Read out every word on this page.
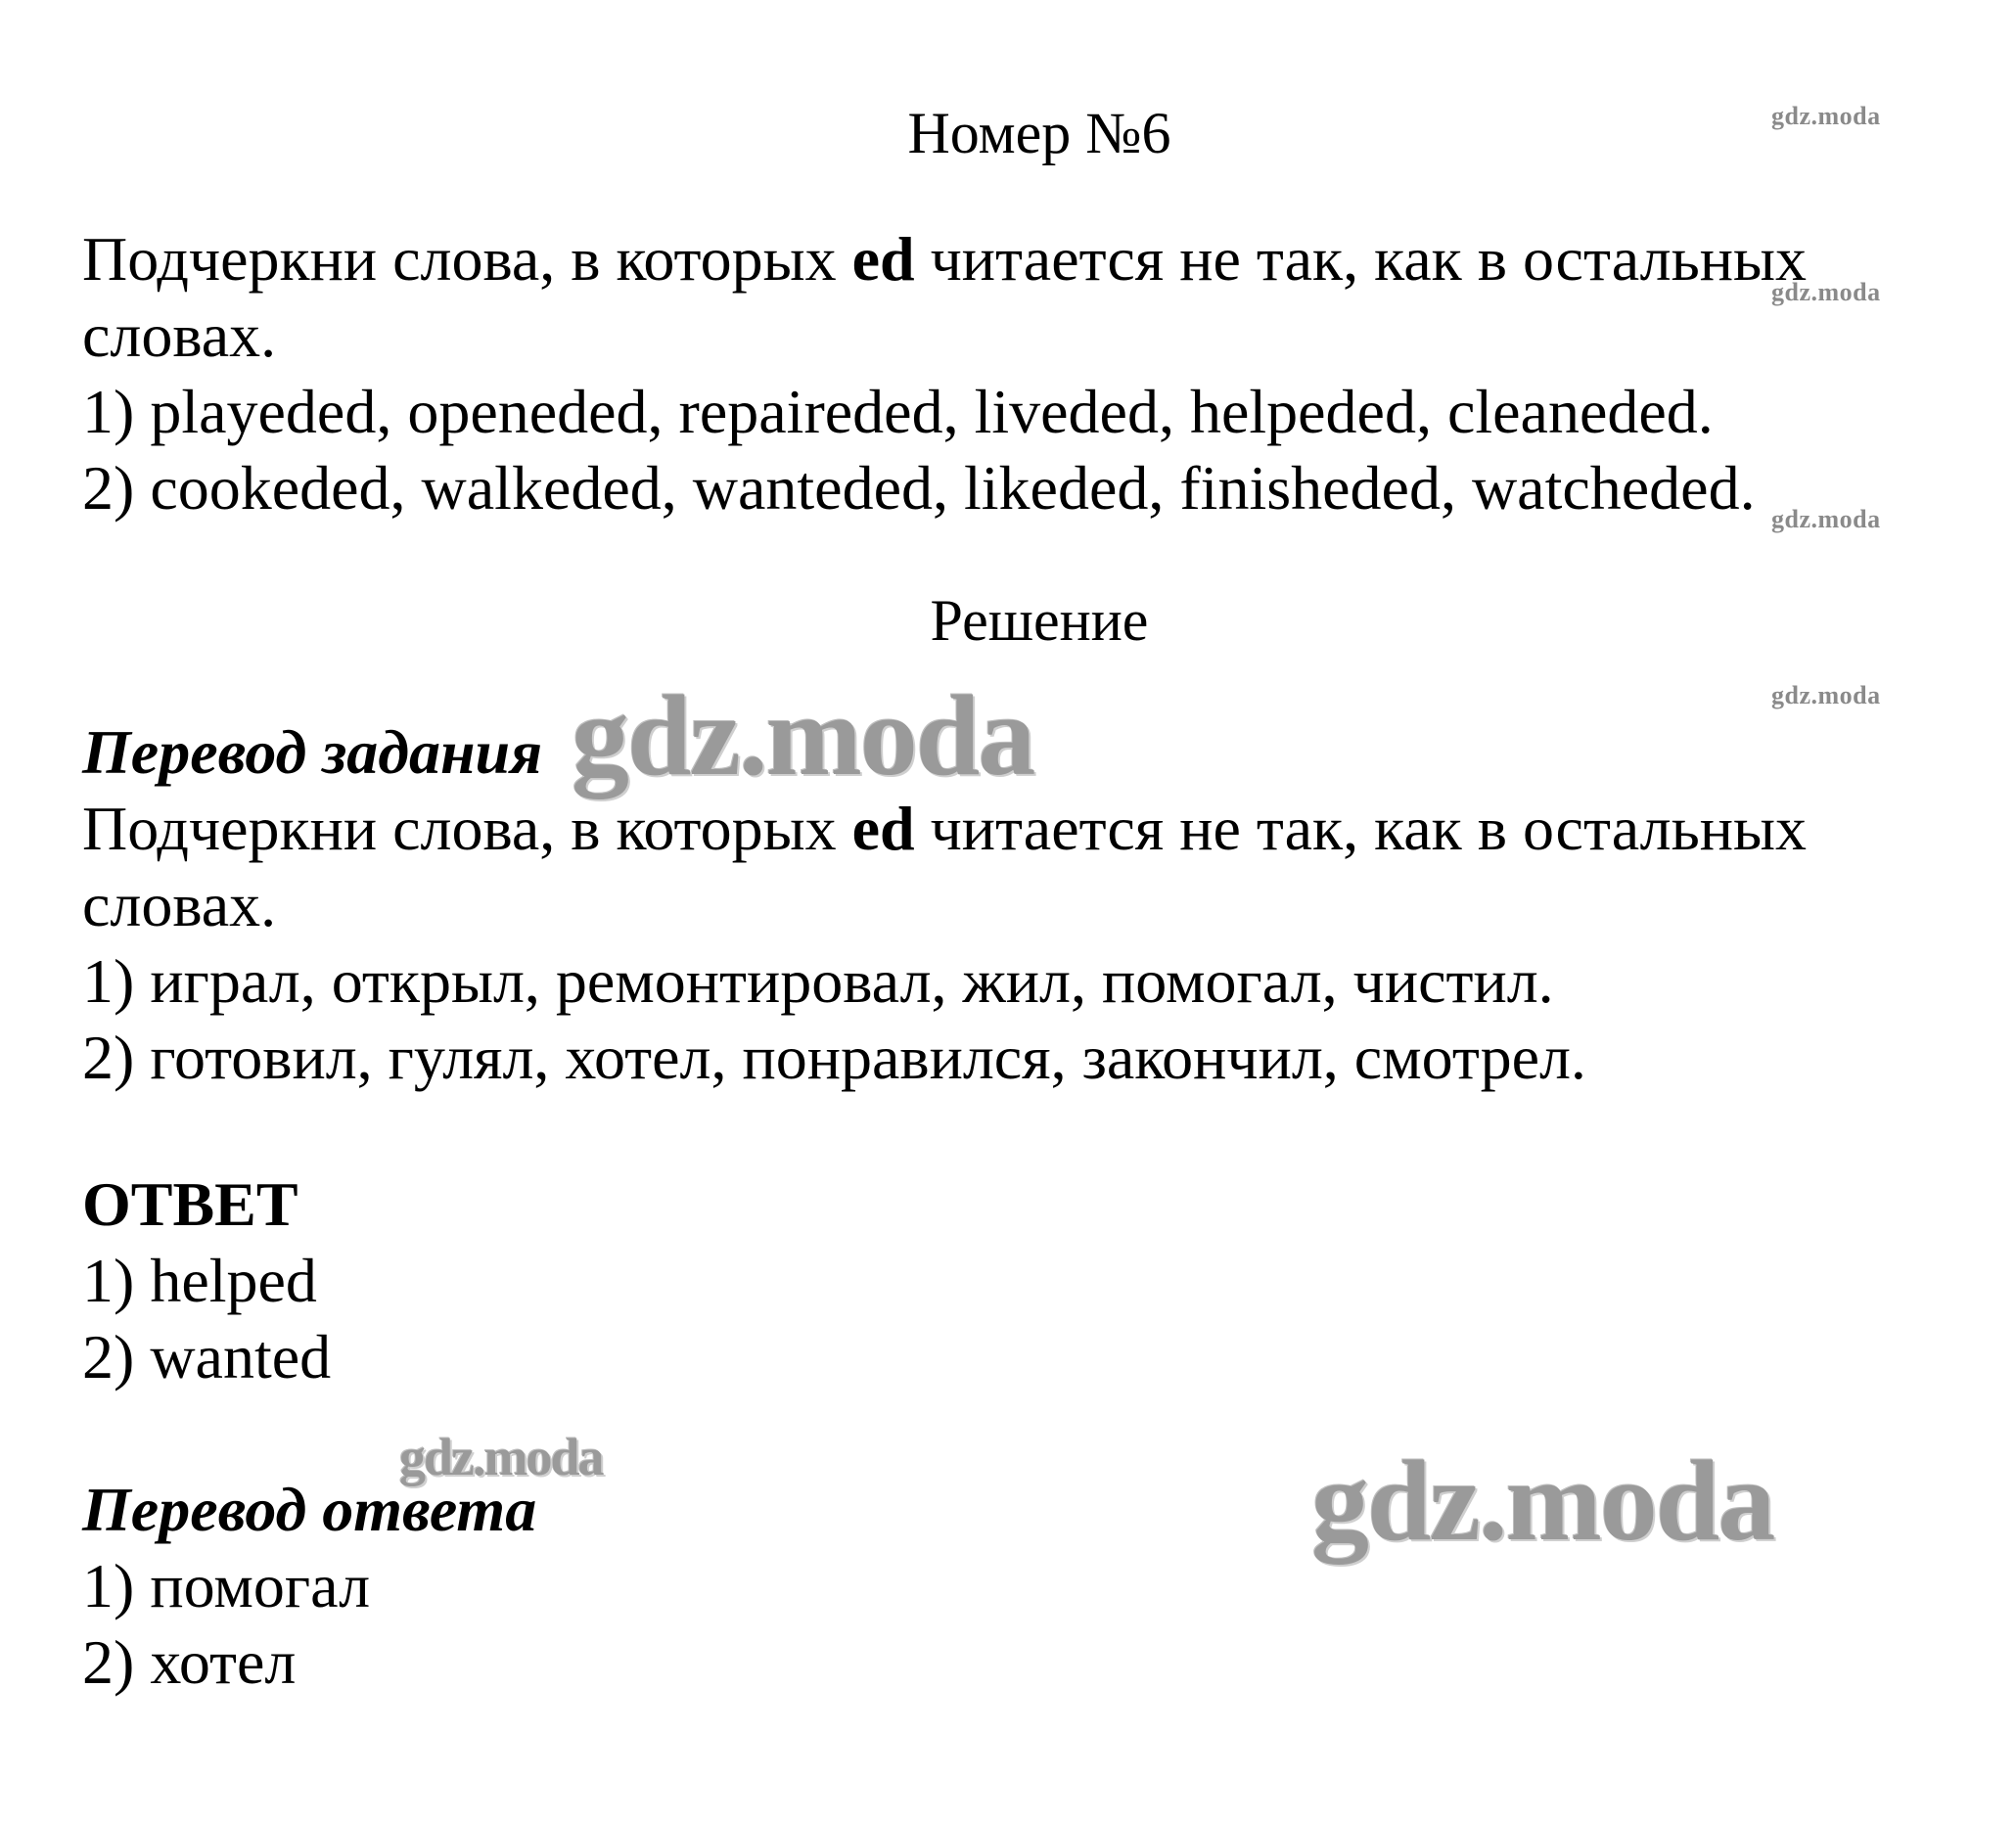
Номер №6
Подчеркни слова, в которых ed читается не так, как в остальных
словах.
1) playeded, openeded, repaireded, liveded, helpeded, cleaneded.
2) cookeded, walkeded, wanteded, likeded, finisheded, watcheded.
Решение
Перевод задания
Подчеркни слова, в которых ed читается не так, как в остальных
словах.
1) играл, открыл, ремонтировал, жил, помогал, чистил.
2) готовил, гулял, хотел, понравился, закончил, смотрел.
ОТВЕТ
1) helped
2) wanted
Перевод ответа
1) помогал
2) хотел
gdz.moda
gdz.moda
gdz.moda
gdz.moda
gdz.moda
gdz.moda	gdz.moda
